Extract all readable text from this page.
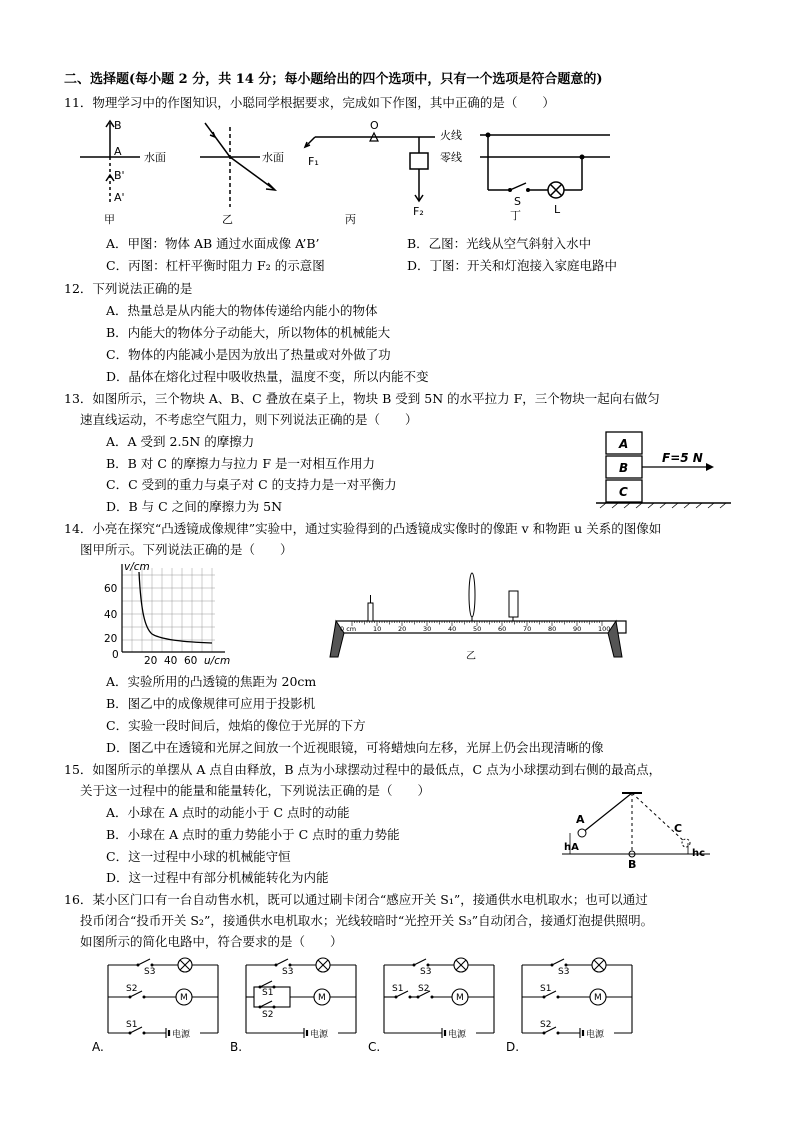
二、选择题(每小题 2 分，共 14 分；每小题给出的四个选项中，只有一个选项是符合题意的)
11．物理学习中的作图知识，小聪同学根据要求，完成如下作图，其中正确的是（　　）
B
A
B'
A'
水面	水面 F₁
O
F₂
火线
零线
S
L
甲	乙	丙	丁
A．甲图：物体 AB 通过水面成像 A’B’	B．乙图：光线从空气斜射入水中
C．丙图：杠杆平衡时阻力 F₂ 的示意图	D．丁图：开关和灯泡接入家庭电路中
12．下列说法正确的是
A．热量总是从内能大的物体传递给内能小的物体
B．内能大的物体分子动能大，所以物体的机械能大
C．物体的内能减小是因为放出了热量或对外做了功
D．晶体在熔化过程中吸收热量，温度不变，所以内能不变
13．如图所示，三个物块 A、B、C 叠放在桌子上，物块 B 受到 5N 的水平拉力 F，三个物块一起向右做匀
速直线运动，不考虑空气阻力，则下列说法正确的是（　　）
A．A 受到 2.5N 的摩擦力
B．B 对 C 的摩擦力与拉力 F 是一对相互作用力
C．C 受到的重力与桌子对 C 的支持力是一对平衡力
D．B 与 C 之间的摩擦力为 5N
A
B
C
F=5 N
14．小亮在探究“凸透镜成像规律”实验中，通过实验得到的凸透镜成实像时的像距 v 和物距 u 关系的图像如
图甲所示。下列说法正确的是（　　）
v/cm
60
40
20
0 20 40 60 u/cm
0 cm	10	20	30	40	50	60	70	80	90	100
乙
A．实验所用的凸透镜的焦距为 20cm
B．图乙中的成像规律可应用于投影机
C．实验一段时间后，烛焰的像位于光屏的下方
D．图乙中在透镜和光屏之间放一个近视眼镜，可将蜡烛向左移，光屏上仍会出现清晰的像
15．如图所示的单摆从 A 点自由释放，B 点为小球摆动过程中的最低点，C 点为小球摆动到右侧的最高点，
关于这一过程中的能量和能量转化，下列说法正确的是（　　）
A．小球在 A 点时的动能小于 C 点时的动能
B．小球在 A 点时的重力势能小于 C 点时的重力势能
C．这一过程中小球的机械能守恒
D．这一过程中有部分机械能转化为内能
A
B
C
hA
hc
16．某小区门口有一台自动售水机，既可以通过刷卡闭合“感应开关 S₁”，接通供水电机取水；也可以通过
投币闭合“投币开关 S₂”，接通供水电机取水；光线较暗时“光控开关 S₃”自动闭合，接通灯泡提供照明。
如图所示的简化电路中，符合要求的是（　　）
S3
S2
M
S1
电源
S3
S1
S2
M
电源
S3
S1 S2
M
电源
S3
S1
M
S2
电源
A.	B.	C.	D.
